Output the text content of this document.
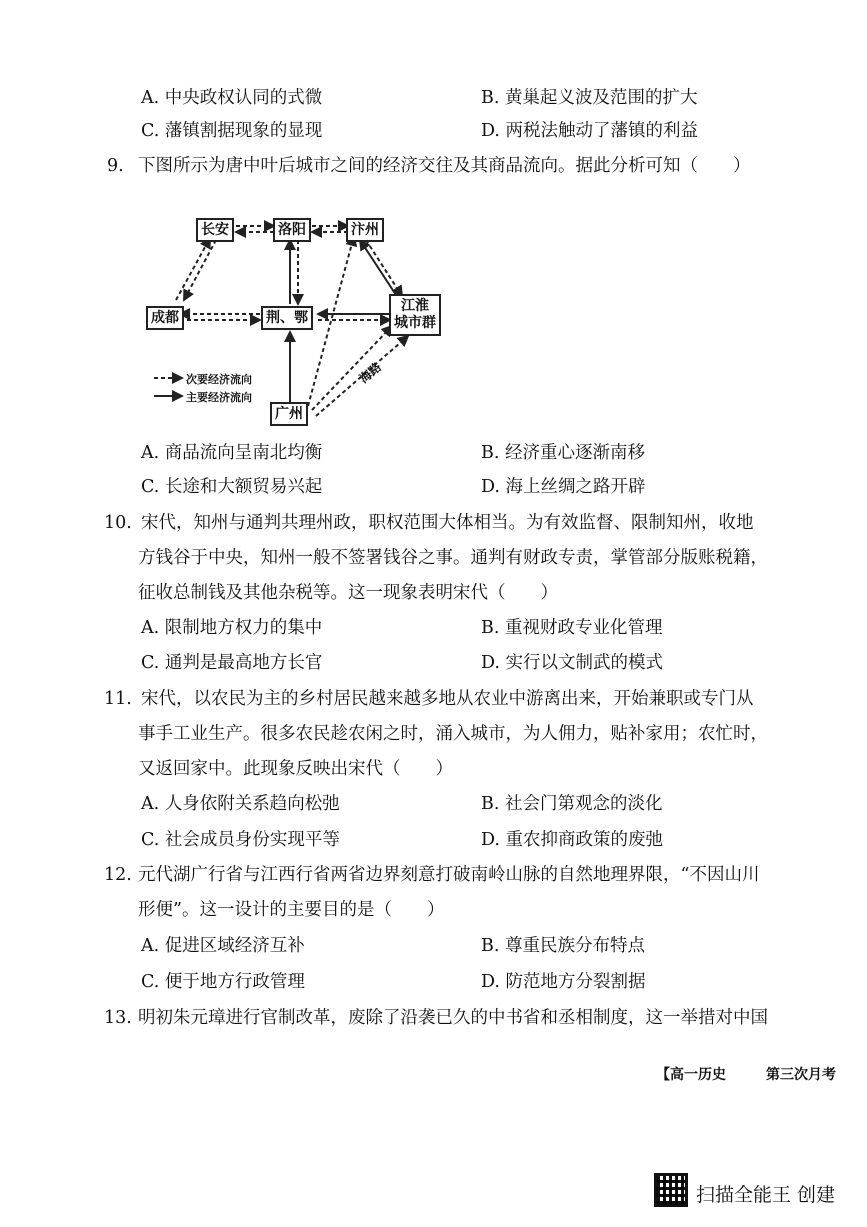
A. 中央政权认同的式微	B. 黄巢起义波及范围的扩大
C. 藩镇割据现象的显现	D. 两税法触动了藩镇的利益
9. 下图所示为唐中叶后城市之间的经济交往及其商品流向。据此分析可知（　　）
长安	洛阳	汴州
成都	荆、鄂
江淮
城市群
广州
海路
次要经济流向
主要经济流向
A. 商品流向呈南北均衡	B. 经济重心逐渐南移
C. 长途和大额贸易兴起	D. 海上丝绸之路开辟
10. 宋代，知州与通判共理州政，职权范围大体相当。为有效监督、限制知州，收地
方钱谷于中央，知州一般不签署钱谷之事。通判有财政专责，掌管部分版账税籍，
征收总制钱及其他杂税等。这一现象表明宋代（　　）
A. 限制地方权力的集中	B. 重视财政专业化管理
C. 通判是最高地方长官	D. 实行以文制武的模式
11. 宋代，以农民为主的乡村居民越来越多地从农业中游离出来，开始兼职或专门从
事手工业生产。很多农民趁农闲之时，涌入城市，为人佣力，贴补家用；农忙时，
又返回家中。此现象反映出宋代（　　）
A. 人身依附关系趋向松弛	B. 社会门第观念的淡化
C. 社会成员身份实现平等	D. 重农抑商政策的废弛
12. 元代湖广行省与江西行省两省边界刻意打破南岭山脉的自然地理界限，“不因山川
形便”。这一设计的主要目的是（　　）
A. 促进区域经济互补	B. 尊重民族分布特点
C. 便于地方行政管理	D. 防范地方分裂割据
13. 明初朱元璋进行官制改革，废除了沿袭已久的中书省和丞相制度，这一举措对中国
【高一历史	第三次月考
扫描全能王 创建
